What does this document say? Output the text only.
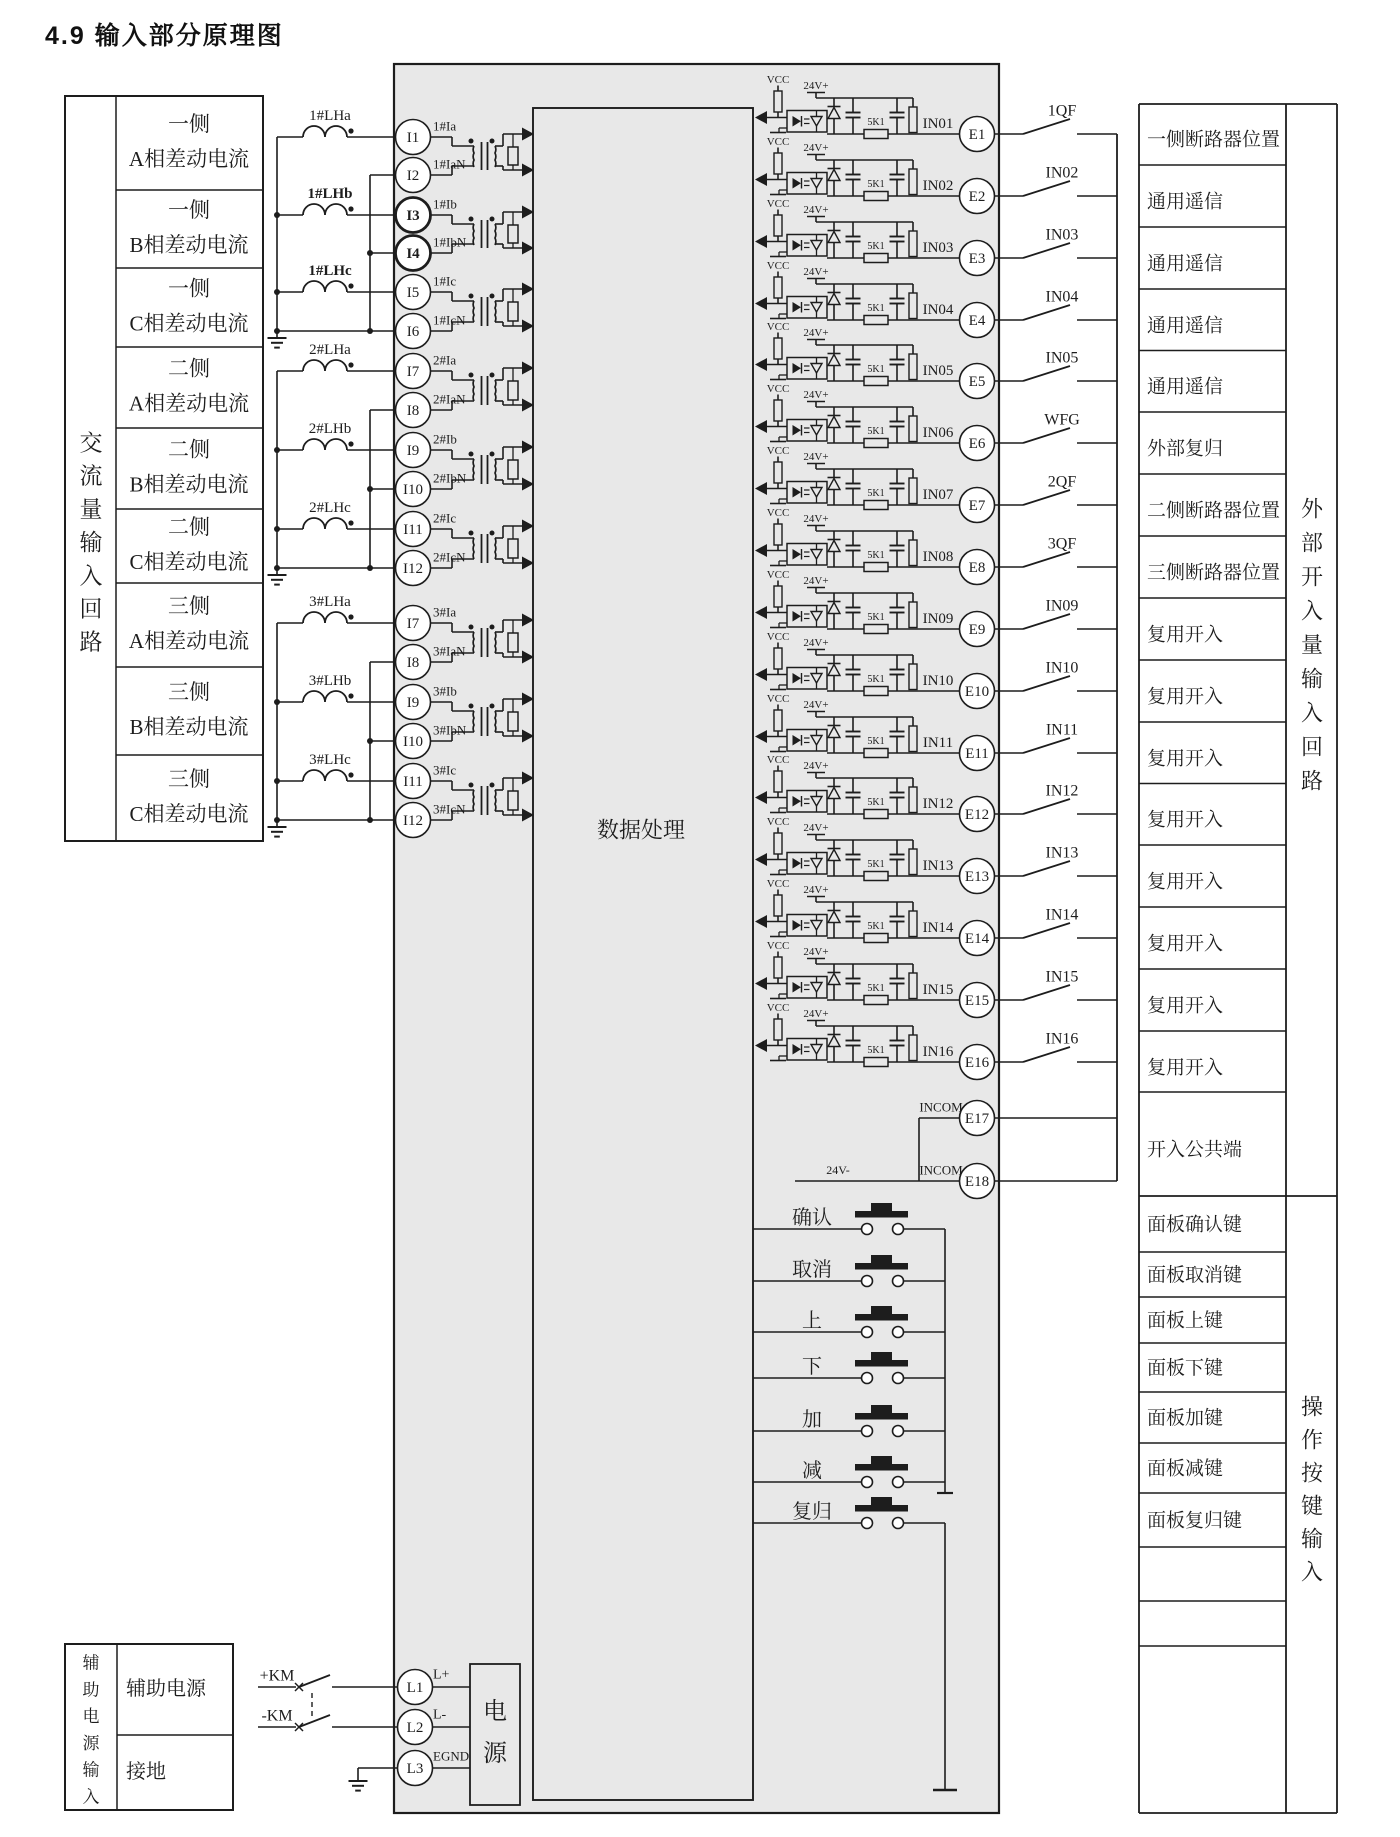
4.9 输入部分原理图
数据处理
一侧
A相差动电流
一侧
B相差动电流
一侧
C相差动电流
二侧
A相差动电流
二侧
B相差动电流
二侧
C相差动电流
三侧
A相差动电流
三侧
B相差动电流
三侧
C相差动电流
交
流
量
输
入
回
路
1#LHa
1#Ia
1#IaN
I1
I2
1#LHb
1#Ib
1#IbN
I3
I4
1#LHc
1#Ic
1#IcN
I5
I6
2#LHa
2#Ia
2#IaN
I7
I8
2#LHb
2#Ib
2#IbN
I9
I10
2#LHc
2#Ic
2#IcN
I11
I12
3#LHa
3#Ia
3#IaN
I7
I8
3#LHb
3#Ib
3#IbN
I9
I10
3#LHc
3#Ic
3#IcN
I11
I12
VCC 24V+
5K1	IN01
E1
1QF
VCC 24V+
5K1	IN02
E2
IN02
VCC 24V+
5K1	IN03
E3
IN03
VCC 24V+
5K1	IN04
E4
IN04
VCC 24V+
5K1	IN05
E5
IN05
VCC 24V+
5K1	IN06
E6
WFG
VCC 24V+
5K1	IN07
E7
2QF
VCC 24V+
5K1	IN08
E8
3QF
VCC 24V+
5K1	IN09
E9
IN09
VCC 24V+
5K1	IN10
E10
IN10
VCC 24V+
5K1	IN11
E11
IN11
VCC 24V+
5K1	IN12
E12
IN12
VCC 24V+
5K1	IN13
E13
IN13
VCC 24V+
5K1	IN14
E14
IN14
VCC 24V+
5K1	IN15
E15
IN15
VCC 24V+
5K1	IN16
E16
IN16
24V-
INCOM
INCOM
E17
E18
一侧断路器位置
通用遥信
通用遥信
通用遥信
通用遥信
外部复归
二侧断路器位置
三侧断路器位置
复用开入
复用开入
复用开入
复用开入
复用开入
复用开入
复用开入
复用开入
开入公共端
外
部
开
入
量
输
入
回
路
面板确认键
面板取消键
面板上键
面板下键
面板加键
面板减键
面板复归键
操
作
按
键
输
入
确认
取消
上
下
加
减
复归
辅
助
电
源
输
入
辅助电源
接地
+KM
-KM
L+
L1
L-
L2
EGND
L3
电
源
